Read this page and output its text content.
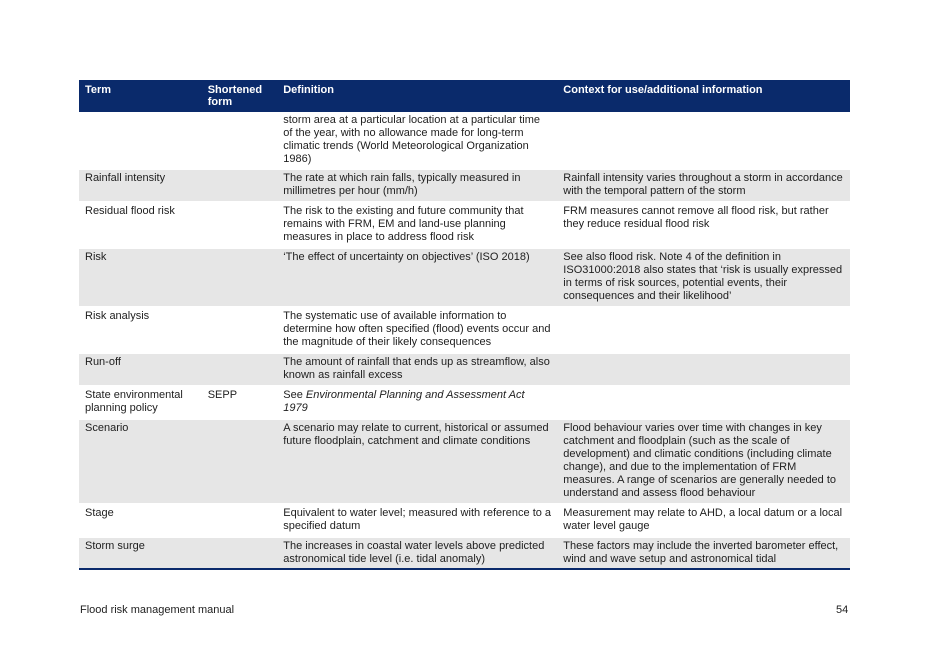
Term	Shortened form	Definition	Context for use/additional information
		storm area at a particular location at a particular time of the year, with no allowance made for long-term climatic trends (World Meteorological Organization 1986)	
Rainfall intensity		The rate at which rain falls, typically measured in millimetres per hour (mm/h)	Rainfall intensity varies throughout a storm in accordance with the temporal pattern of the storm
Residual flood risk		The risk to the existing and future community that remains with FRM, EM and land-use planning measures in place to address flood risk	FRM measures cannot remove all flood risk, but rather they reduce residual flood risk
Risk		‘The effect of uncertainty on objectives’ (ISO 2018)	See also flood risk. Note 4 of the definition in ISO31000:2018 also states that ‘risk is usually expressed in terms of risk sources, potential events, their consequences and their likelihood’
Risk analysis		The systematic use of available information to determine how often specified (flood) events occur and the magnitude of their likely consequences	
Run-off		The amount of rainfall that ends up as streamflow, also known as rainfall excess	
State environmental planning policy	SEPP	See Environmental Planning and Assessment Act 1979	
Scenario		A scenario may relate to current, historical or assumed future floodplain, catchment and climate conditions	Flood behaviour varies over time with changes in key catchment and floodplain (such as the scale of development) and climatic conditions (including climate change), and due to the implementation of FRM measures. A range of scenarios are generally needed to understand and assess flood behaviour
Stage		Equivalent to water level; measured with reference to a specified datum	Measurement may relate to AHD, a local datum or a local water level gauge
Storm surge		The increases in coastal water levels above predicted astronomical tide level (i.e. tidal anomaly)	These factors may include the inverted barometer effect, wind and wave setup and astronomical tidal
Flood risk management manual	54
